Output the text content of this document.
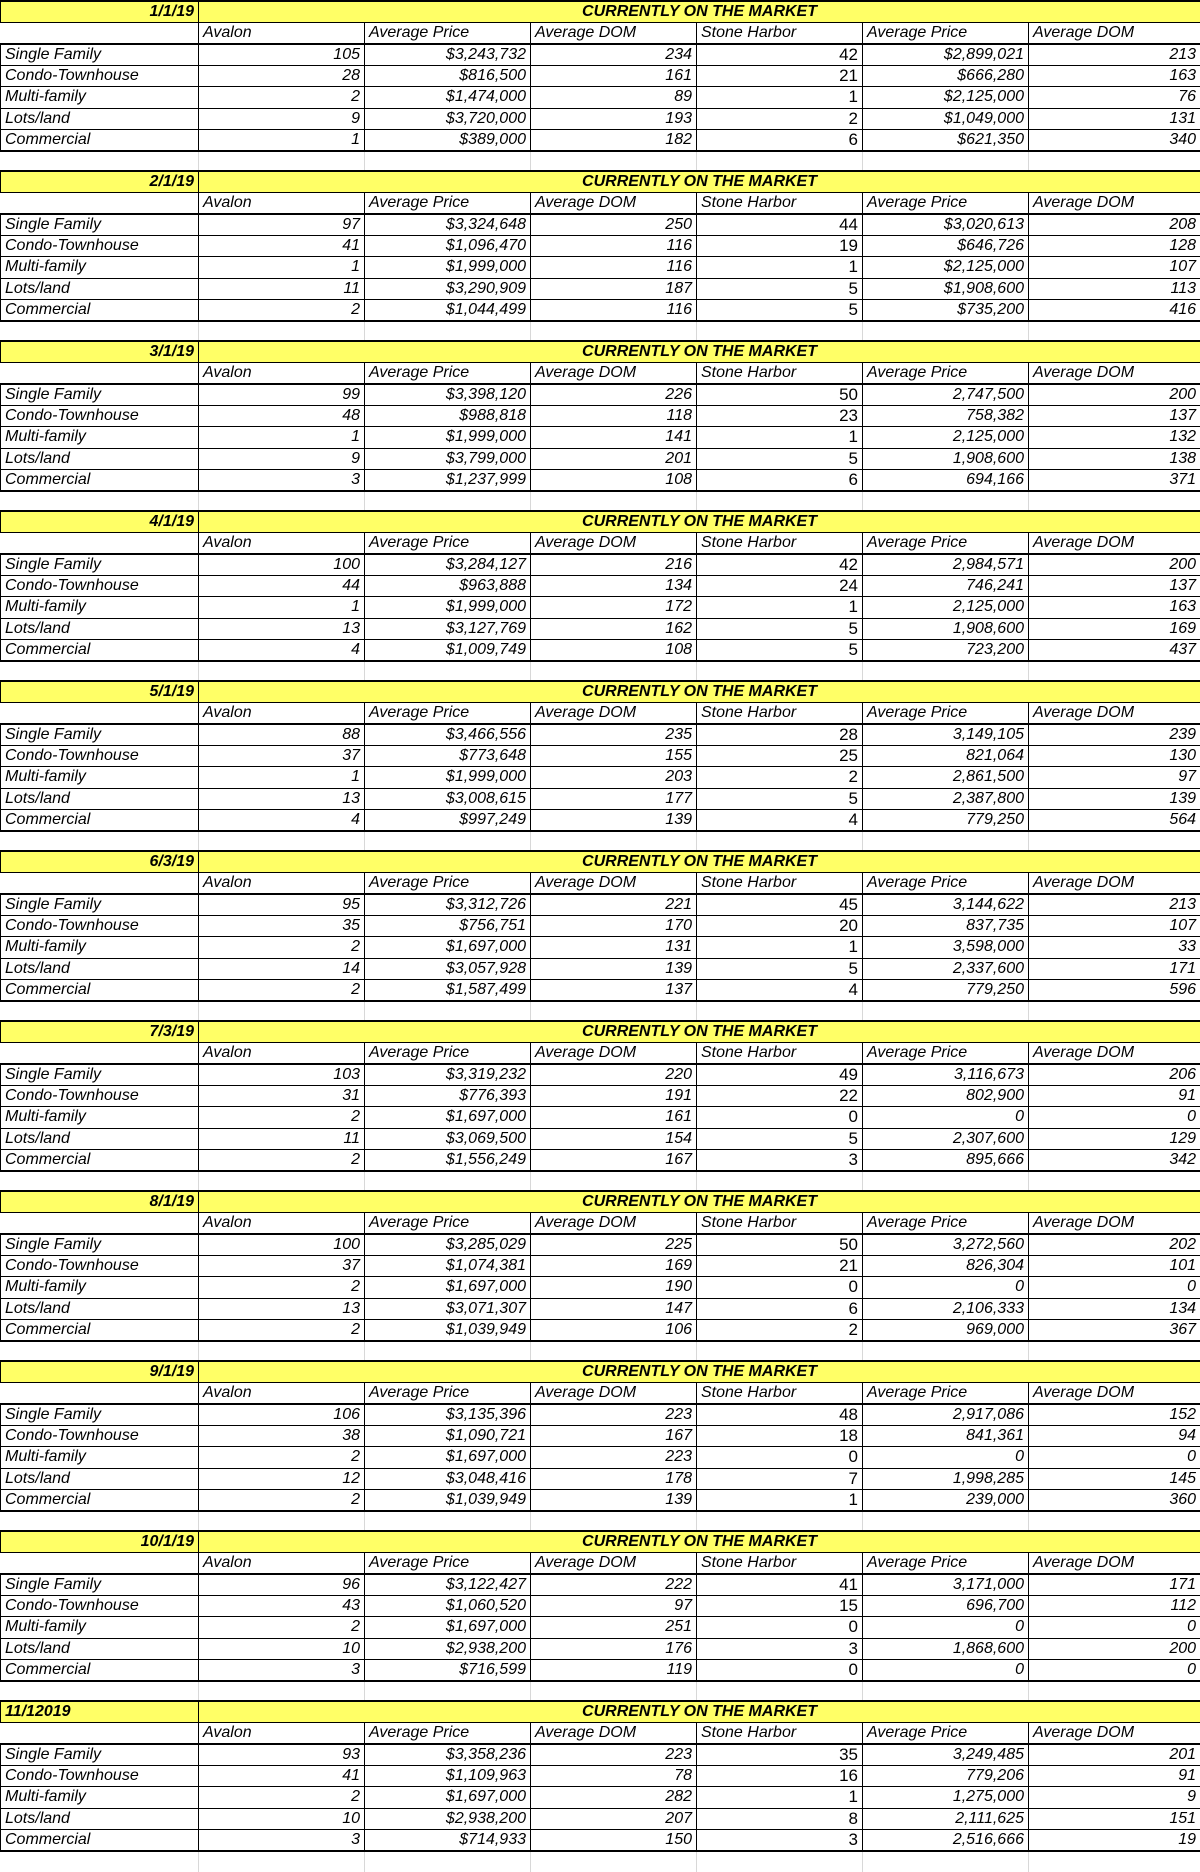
1/1/19	CURRENTLY ON THE MARKET					
	Avalon	Average Price	Average DOM	Stone Harbor	Average Price	Average DOM
Single Family	105	$3,243,732	234	42	$2,899,021	213
Condo-Townhouse	28	$816,500	161	21	$666,280	163
Multi-family	2	$1,474,000	89	1	$2,125,000	76
Lots/land	9	$3,720,000	193	2	$1,049,000	131
Commercial	1	$389,000	182	6	$621,350	340

2/1/19	CURRENTLY ON THE MARKET					
	Avalon	Average Price	Average DOM	Stone Harbor	Average Price	Average DOM
Single Family	97	$3,324,648	250	44	$3,020,613	208
Condo-Townhouse	41	$1,096,470	116	19	$646,726	128
Multi-family	1	$1,999,000	116	1	$2,125,000	107
Lots/land	11	$3,290,909	187	5	$1,908,600	113
Commercial	2	$1,044,499	116	5	$735,200	416

3/1/19	CURRENTLY ON THE MARKET					
	Avalon	Average Price	Average DOM	Stone Harbor	Average Price	Average DOM
Single Family	99	$3,398,120	226	50	2,747,500	200
Condo-Townhouse	48	$988,818	118	23	758,382	137
Multi-family	1	$1,999,000	141	1	2,125,000	132
Lots/land	9	$3,799,000	201	5	1,908,600	138
Commercial	3	$1,237,999	108	6	694,166	371

4/1/19	CURRENTLY ON THE MARKET					
	Avalon	Average Price	Average DOM	Stone Harbor	Average Price	Average DOM
Single Family	100	$3,284,127	216	42	2,984,571	200
Condo-Townhouse	44	$963,888	134	24	746,241	137
Multi-family	1	$1,999,000	172	1	2,125,000	163
Lots/land	13	$3,127,769	162	5	1,908,600	169
Commercial	4	$1,009,749	108	5	723,200	437

5/1/19	CURRENTLY ON THE MARKET					
	Avalon	Average Price	Average DOM	Stone Harbor	Average Price	Average DOM
Single Family	88	$3,466,556	235	28	3,149,105	239
Condo-Townhouse	37	$773,648	155	25	821,064	130
Multi-family	1	$1,999,000	203	2	2,861,500	97
Lots/land	13	$3,008,615	177	5	2,387,800	139
Commercial	4	$997,249	139	4	779,250	564

6/3/19	CURRENTLY ON THE MARKET					
	Avalon	Average Price	Average DOM	Stone Harbor	Average Price	Average DOM
Single Family	95	$3,312,726	221	45	3,144,622	213
Condo-Townhouse	35	$756,751	170	20	837,735	107
Multi-family	2	$1,697,000	131	1	3,598,000	33
Lots/land	14	$3,057,928	139	5	2,337,600	171
Commercial	2	$1,587,499	137	4	779,250	596

7/3/19	CURRENTLY ON THE MARKET					
	Avalon	Average Price	Average DOM	Stone Harbor	Average Price	Average DOM
Single Family	103	$3,319,232	220	49	3,116,673	206
Condo-Townhouse	31	$776,393	191	22	802,900	91
Multi-family	2	$1,697,000	161	0	0	0
Lots/land	11	$3,069,500	154	5	2,307,600	129
Commercial	2	$1,556,249	167	3	895,666	342

8/1/19	CURRENTLY ON THE MARKET					
	Avalon	Average Price	Average DOM	Stone Harbor	Average Price	Average DOM
Single Family	100	$3,285,029	225	50	3,272,560	202
Condo-Townhouse	37	$1,074,381	169	21	826,304	101
Multi-family	2	$1,697,000	190	0	0	0
Lots/land	13	$3,071,307	147	6	2,106,333	134
Commercial	2	$1,039,949	106	2	969,000	367

9/1/19	CURRENTLY ON THE MARKET					
	Avalon	Average Price	Average DOM	Stone Harbor	Average Price	Average DOM
Single Family	106	$3,135,396	223	48	2,917,086	152
Condo-Townhouse	38	$1,090,721	167	18	841,361	94
Multi-family	2	$1,697,000	223	0	0	0
Lots/land	12	$3,048,416	178	7	1,998,285	145
Commercial	2	$1,039,949	139	1	239,000	360

10/1/19	CURRENTLY ON THE MARKET					
	Avalon	Average Price	Average DOM	Stone Harbor	Average Price	Average DOM
Single Family	96	$3,122,427	222	41	3,171,000	171
Condo-Townhouse	43	$1,060,520	97	15	696,700	112
Multi-family	2	$1,697,000	251	0	0	0
Lots/land	10	$2,938,200	176	3	1,868,600	200
Commercial	3	$716,599	119	0	0	0

11/12019	CURRENTLY ON THE MARKET					
	Avalon	Average Price	Average DOM	Stone Harbor	Average Price	Average DOM
Single Family	93	$3,358,236	223	35	3,249,485	201
Condo-Townhouse	41	$1,109,963	78	16	779,206	91
Multi-family	2	$1,697,000	282	1	1,275,000	9
Lots/land	10	$2,938,200	207	8	2,111,625	151
Commercial	3	$714,933	150	3	2,516,666	19
